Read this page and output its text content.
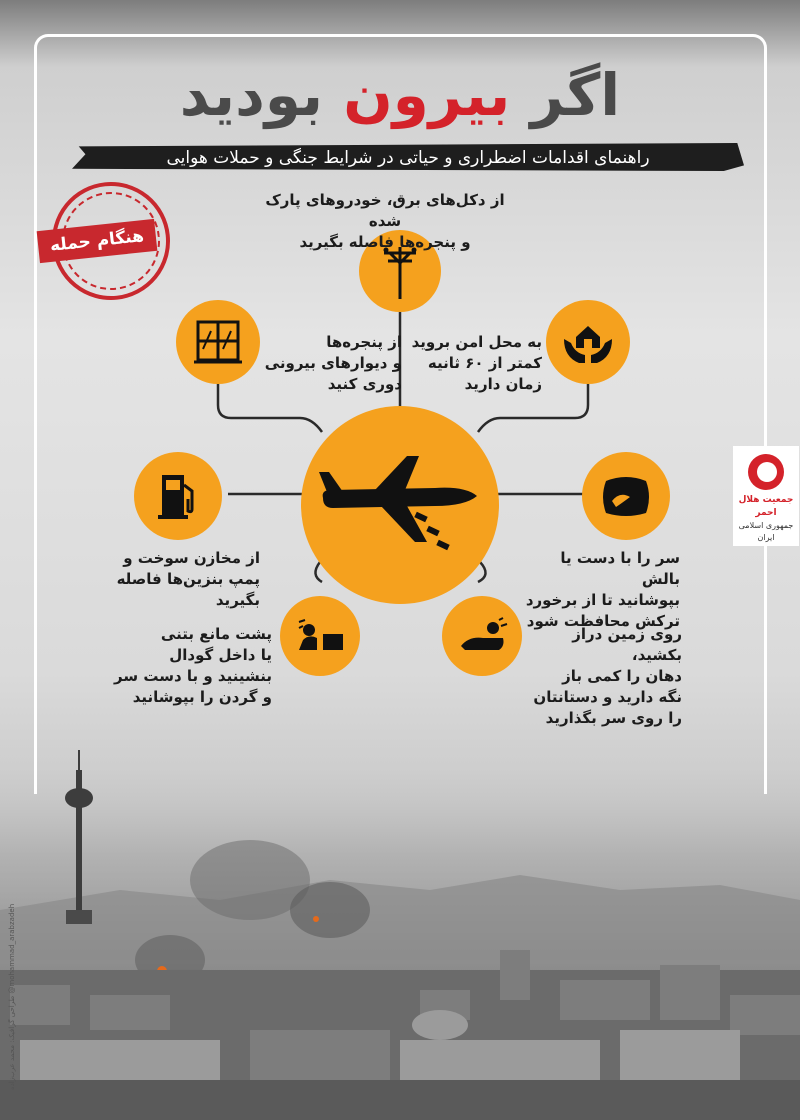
اگر بیرون بودید
راهنمای اقدامات اضطراری و حیاتی در شرایط جنگی و حملات هوایی
هنگام حمله
از دکل‌های برق، خودروهای پارک شده
و پنجره‌ها فاصله بگیرید
از پنجره‌ها
و دیوارهای بیرونی
دوری کنید
به محل امن بروید
کمتر از ۶۰ ثانیه
زمان دارید
از مخازن سوخت و
پمپ بنزین‌ها فاصله
بگیرید
سر را با دست یا بالش
بپوشانید تا از برخورد
ترکش محافظت شود
پشت مانع بتنی
یا داخل گودال
بنشینید و با دست سر
و گردن را بپوشانید
روی زمین دراز بکشید،
دهان را کمی باز
نگه دارید و دستانتان
را روی سر بگذارید
جمعیت هلال احمر
جمهوری اسلامی ایران
طراحی گرافیک: محمد عرب‌زاده @mohammad_arabzadeh
